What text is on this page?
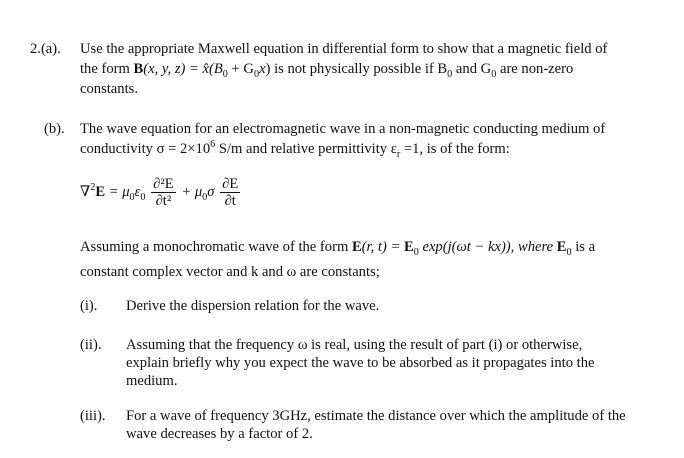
2.(a). Use the appropriate Maxwell equation in differential form to show that a magnetic field of
the form B(x, y, $z) = x̂(B_0 + G_0x)$ is not physically possible if $B_0$ and $G_0$ are non-zero
constants.
(b). The wave equation for an electromagnetic wave in a non-magnetic conducting medium of
conductivity $\sigma = 2\times 10^6$ S/m and relative permittivity $\varepsilon_r =1$, is of the form:
$\nabla^2E = \mu_0\varepsilon_0 \frac{\text{∂²E}}{\text{∂t²}} + \mu_0\sigma \frac{\partial E}{\partial t}$
Assuming a monochromatic wave of the form E(r, $t) = E_0$ exp(j(ωt − kx)), where $E_0$ is a
constant complex vector and k and ω are constants;
(i). Derive the dispersion relation for the wave.
(ii). Assuming that the frequency ω is real, using the result of part (i) or otherwise,
explain briefly why you expect the wave to be absorbed as it propagates into the
medium.
(iii). For a wave of frequency 3GHz, estimate the distance over which the amplitude of the
wave decreases by a factor of 2.
